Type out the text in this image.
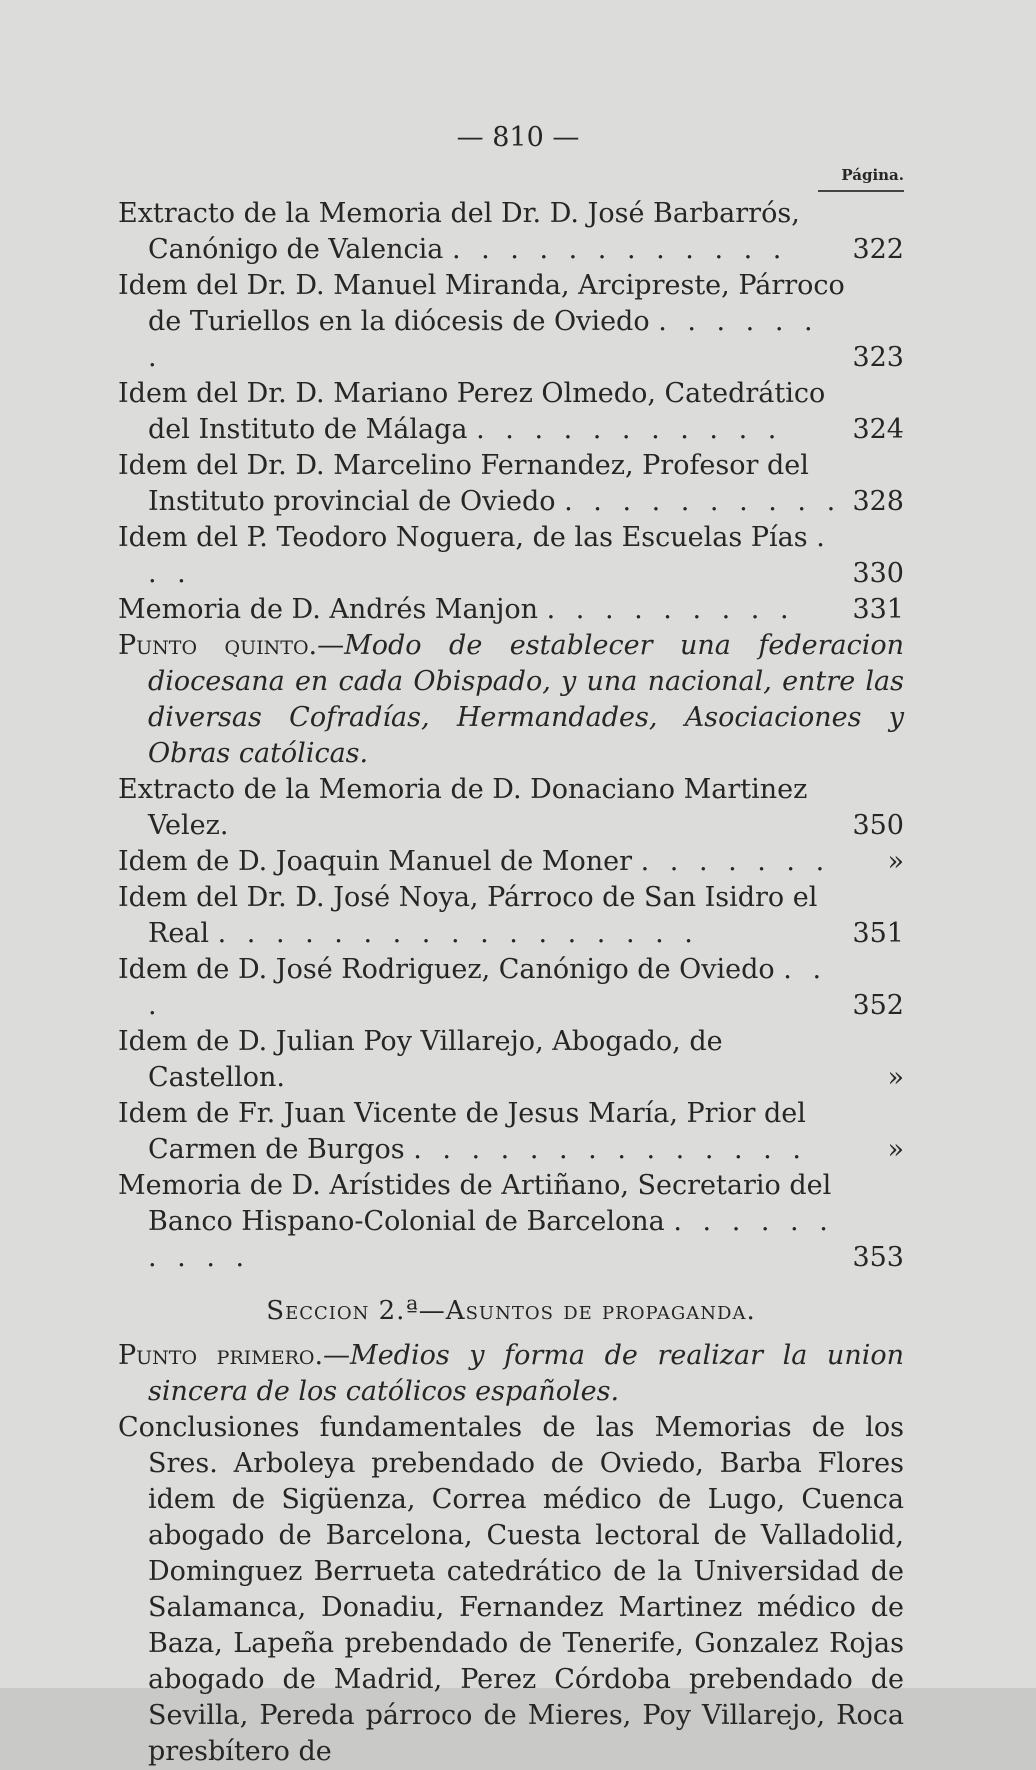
— 810 —
Página.
Extracto de la Memoria del Dr. D. José Barbarrós, Canónigo de Valencia . . . . . . . . . . . .	322
Idem del Dr. D. Manuel Miranda, Arcipreste, Párroco de Turiellos en la diócesis de Oviedo . . . . . . .	323
Idem del Dr. D. Mariano Perez Olmedo, Catedrático del Instituto de Málaga . . . . . . . . . . .	324
Idem del Dr. D. Marcelino Fernandez, Profesor del Instituto provincial de Oviedo . . . . . . . . . . 328
Idem del P. Teodoro Noguera, de las Escuelas Pías . . .	330
Memoria de D. Andrés Manjon . . . . . . . . .	331
Punto quinto.—Modo de establecer una federacion diocesana en cada Obispado, y una nacional, entre las diversas Cofradías, Hermandades, Asociaciones y Obras católicas.
Extracto de la Memoria de D. Donaciano Martinez Velez.	350
Idem de D. Joaquin Manuel de Moner . . . . . . .	»
Idem del Dr. D. José Noya, Párroco de San Isidro el Real . . . . . . . . . . . . . . . . .	351
Idem de D. José Rodriguez, Canónigo de Oviedo . . .	352
Idem de D. Julian Poy Villarejo, Abogado, de Castellon.	»
Idem de Fr. Juan Vicente de Jesus María, Prior del Carmen de Burgos . . . . . . . . . . . . . .	»
Memoria de D. Arístides de Artiñano, Secretario del Banco Hispano-Colonial de Barcelona . . . . . . . . . .	353
Seccion 2.ª—Asuntos de propaganda.
Punto primero.—Medios y forma de realizar la union sincera de los católicos españoles.
Conclusiones fundamentales de las Memorias de los Sres. Arboleya prebendado de Oviedo, Barba Flores idem de Sigüenza, Correa médico de Lugo, Cuenca abogado de Barcelona, Cuesta lectoral de Valladolid, Dominguez Berrueta catedrático de la Universidad de Salamanca, Donadiu, Fernandez Martinez médico de Baza, Lapeña prebendado de Tenerife, Gonzalez Rojas abogado de Madrid, Perez Córdoba prebendado de Sevilla, Pereda párroco de Mieres, Poy Villarejo, Roca presbítero de
